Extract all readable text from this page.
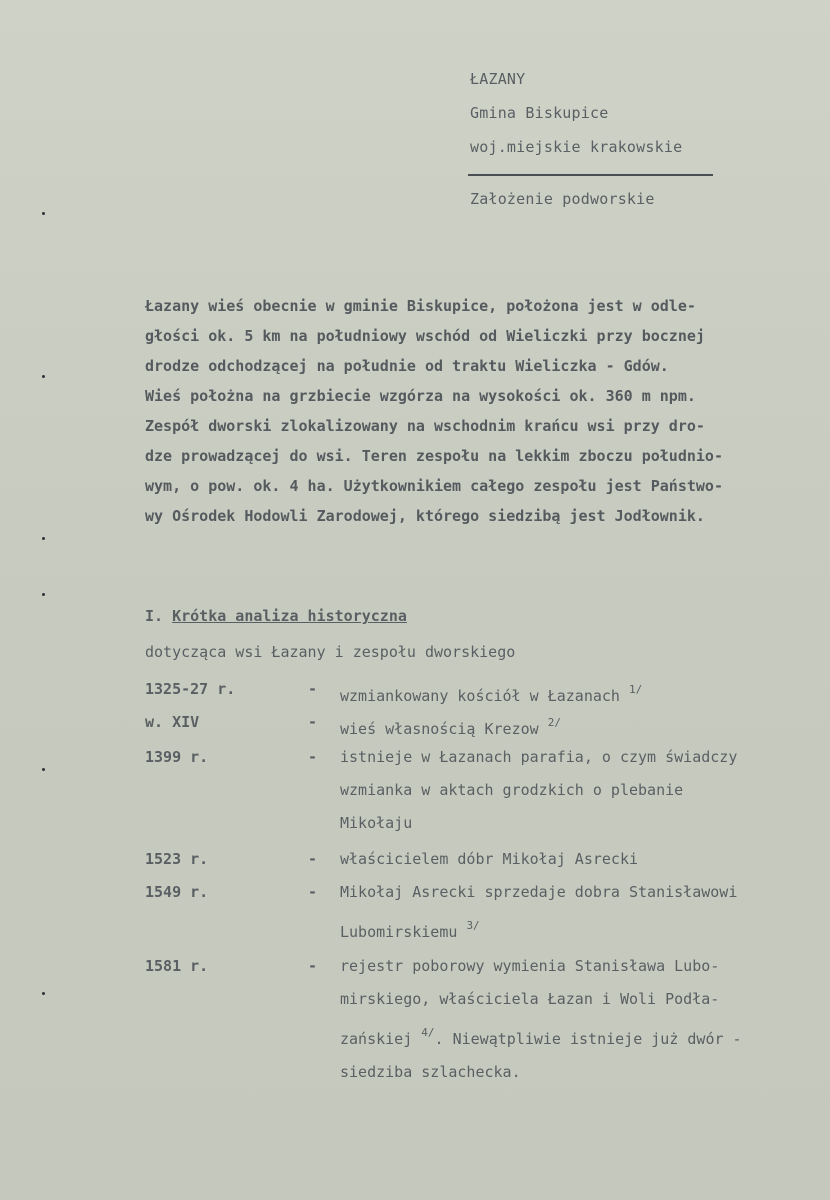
ŁAZANY
Gmina Biskupice
woj.miejskie krakowskie
Założenie podworskie
Łazany wieś obecnie w gminie Biskupice, położona jest w odle-
głości ok. 5 km na południowy wschód od Wieliczki przy bocznej
drodze odchodzącej na południe od traktu Wieliczka - Gdów.
Wieś położna na grzbiecie wzgórza na wysokości ok. 360 m npm.
Zespół dworski zlokalizowany na wschodnim krańcu wsi przy dro-
dze prowadzącej do wsi. Teren zespołu na lekkim zboczu południo-
wym, o pow. ok. 4 ha. Użytkownikiem całego zespołu jest Państwo-
wy Ośrodek Hodowli Zarodowej, którego siedzibą jest Jodłownik.
I. Krótka analiza historyczna
dotycząca wsi Łazany i zespołu dworskiego
1325-27 r.	- wzmiankowany kościół w Łazanach $^{1/}$
w. XIV	- wieś własnością Krezow $^{2/}$
1399 r.	- istnieje w Łazanach parafia, o czym świadczy
wzmianka w aktach grodzkich o plebanie
Mikołaju
1523 r.	- właścicielem dóbr Mikołaj Asrecki
1549 r.	- Mikołaj Asrecki sprzedaje dobra Stanisławowi
Lubomirskiemu $^{3/}$
1581 r.	- rejestr poborowy wymienia Stanisława Lubo-
mirskiego, właściciela Łazan i Woli Podła-
zańskiej $^{4/}$. Niewątpliwie istnieje już dwór -
siedziba szlachecka.
